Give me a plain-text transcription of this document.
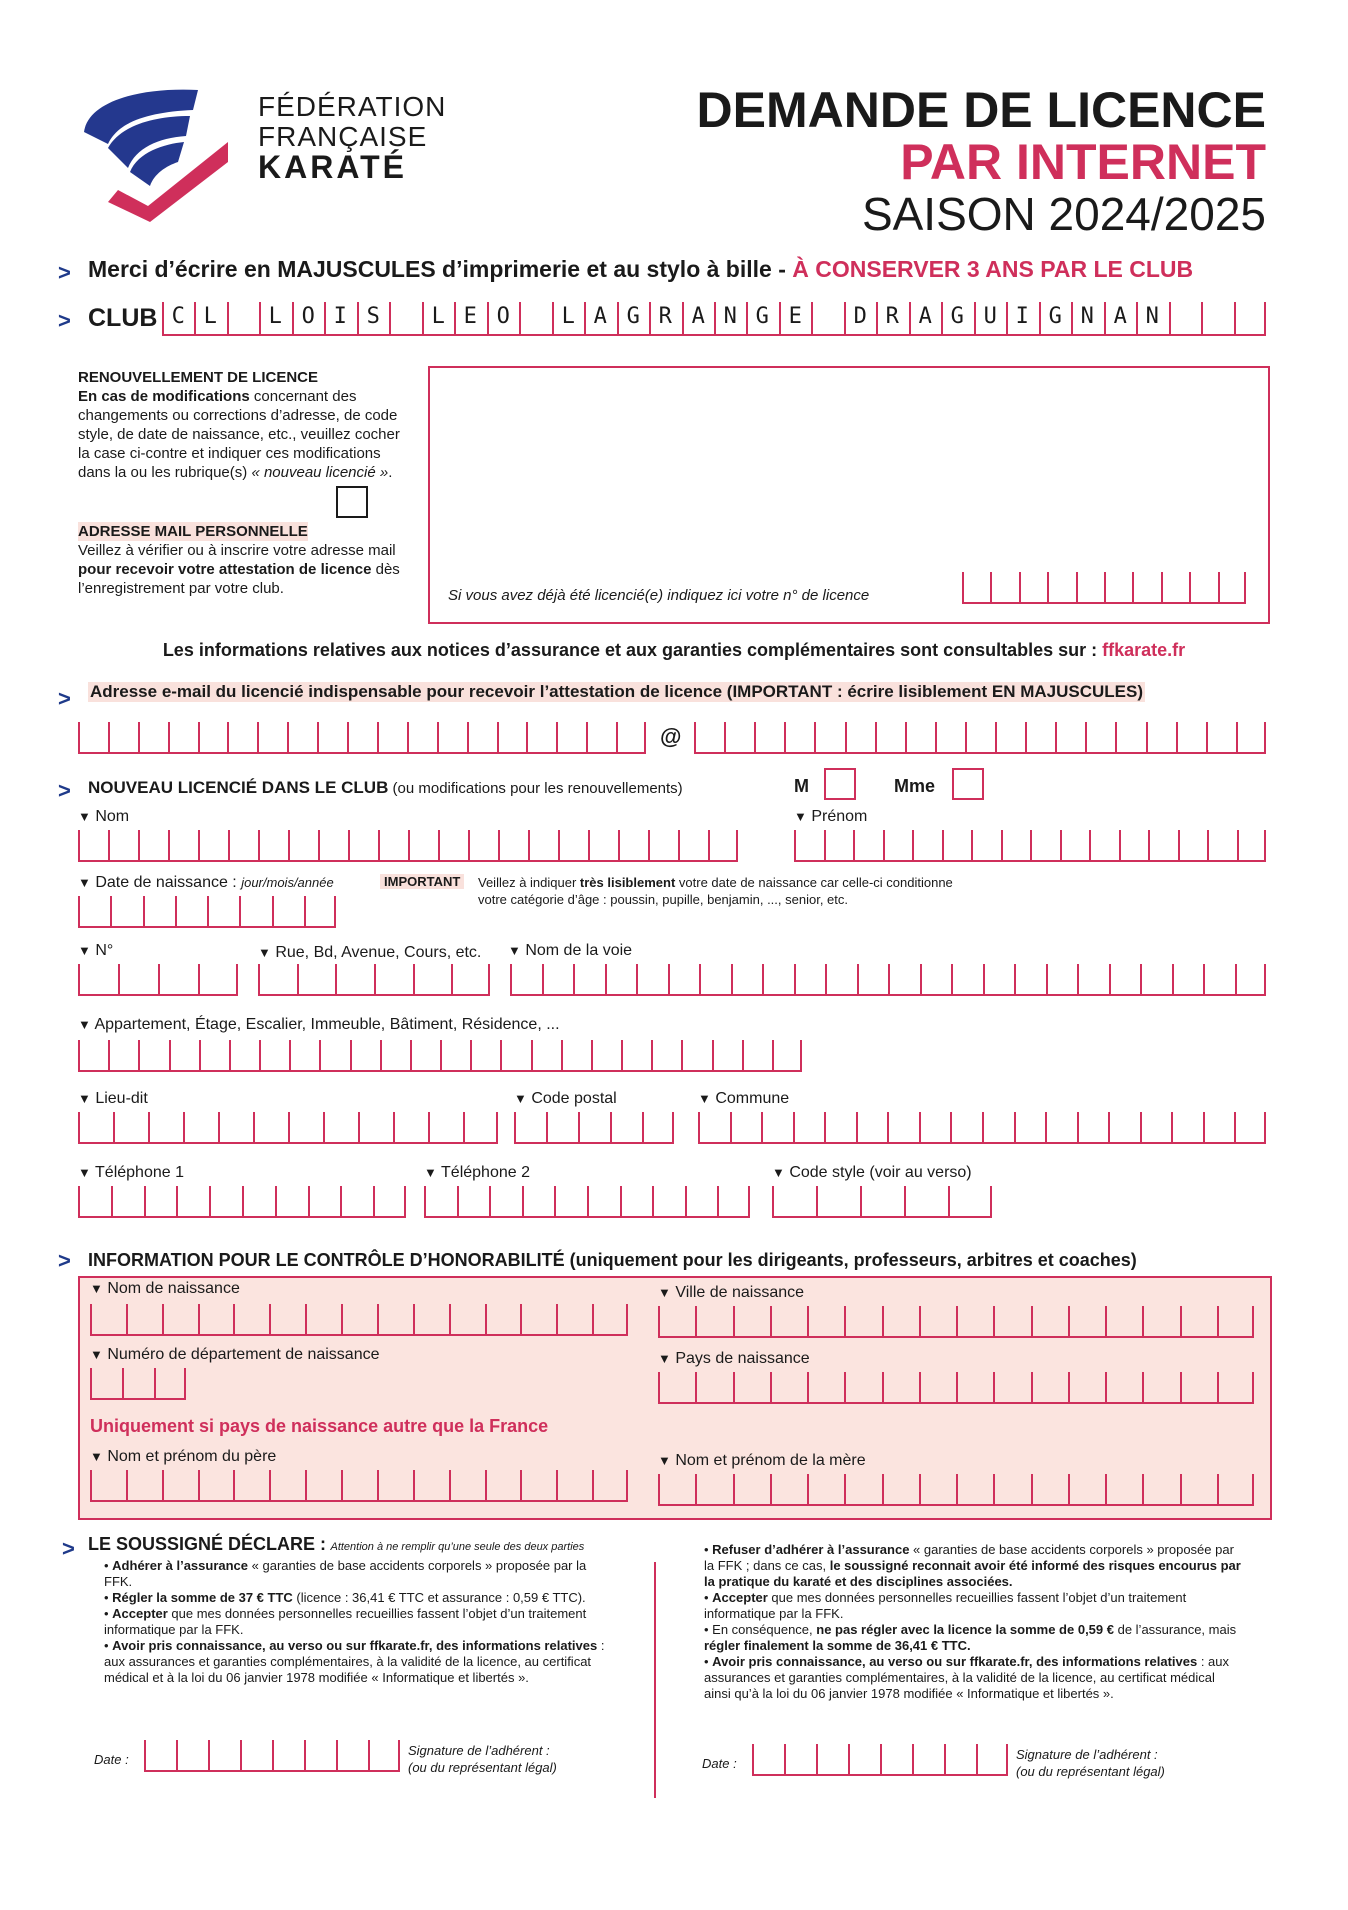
FÉDÉRATION
FRANÇAISE
KARATÉ
DEMANDE DE LICENCE
PAR INTERNET
SAISON 2024/2025
> Merci d’écrire en MAJUSCULES d’imprimerie et au stylo à bille - À CONSERVER 3 ANS PAR LE CLUB
> CLUB C L	L O I S	L E O	L A G R A N G E	D R A G U I G N A N
RENOUVELLEMENT DE LICENCE
En cas de modifications concernant des changements ou corrections d’adresse, de code style, de date de naissance, etc., veuillez cocher la case ci-contre et indiquer ces modifications dans la ou les rubrique(s) « nouveau licencié ».
ADRESSE MAIL PERSONNELLE
Veillez à vérifier ou à inscrire votre adresse mail pour recevoir votre attestation de licence dès l’enregistrement par votre club.	Si vous avez déjà été licencié(e) indiquez ici votre n° de licence
Les informations relatives aux notices d’assurance et aux garanties complémentaires sont consultables sur : ffkarate.fr
> Adresse e-mail du licencié indispensable pour recevoir l’attestation de licence (IMPORTANT : écrire lisiblement EN MAJUSCULES)
@
> NOUVEAU LICENCIÉ DANS LE CLUB (ou modifications pour les renouvellements)	M	Mme
▼ Nom	▼ Prénom
▼ Date de naissance : jour/mois/année	IMPORTANT	Veillez à indiquer très lisiblement votre date de naissance car celle-ci conditionne
votre catégorie d’âge : poussin, pupille, benjamin, ..., senior, etc.
▼ N°	▼ Rue, Bd, Avenue, Cours, etc. ▼ Nom de la voie
▼ Appartement, Étage, Escalier, Immeuble, Bâtiment, Résidence, ...
▼ Lieu-dit	▼ Code postal	▼ Commune
▼ Téléphone 1	▼ Téléphone 2	▼ Code style (voir au verso)
> INFORMATION POUR LE CONTRÔLE D’HONORABILITÉ (uniquement pour les dirigeants, professeurs, arbitres et coaches)
▼ Nom de naissance	▼ Ville de naissance
▼ Numéro de département de naissance	▼ Pays de naissance
Uniquement si pays de naissance autre que la France
▼ Nom et prénom du père	▼ Nom et prénom de la mère
> LE SOUSSIGNÉ DÉCLARE : Attention à ne remplir qu’une seule des deux parties
• Adhérer à l’assurance « garanties de base accidents corporels » proposée par la FFK.
• Régler la somme de 37 € TTC (licence : 36,41 € TTC et assurance : 0,59 € TTC).
• Accepter que mes données personnelles recueillies fassent l’objet d’un traitement informatique par la FFK.
• Avoir pris connaissance, au verso ou sur ffkarate.fr, des informations relatives : aux assurances et garanties complémentaires, à la validité de la licence, au certificat médical et à la loi du 06 janvier 1978 modifiée « Informatique et libertés ».
• Refuser d’adhérer à l’assurance « garanties de base accidents corporels » proposée par la FFK ; dans ce cas, le soussigné reconnait avoir été informé des risques encourus par la pratique du karaté et des disciplines associées.
• Accepter que mes données personnelles recueillies fassent l’objet d’un traitement informatique par la FFK.
• En conséquence, ne pas régler avec la licence la somme de 0,59 € de l’assurance, mais régler finalement la somme de 36,41 € TTC.
• Avoir pris connaissance, au verso ou sur ffkarate.fr, des informations relatives : aux assurances et garanties complémentaires, à la validité de la licence, au certificat médical ainsi qu’à la loi du 06 janvier 1978 modifiée « Informatique et libertés ».
Date :
Signature de l’adhérent :
(ou du représentant légal)	Date :
Signature de l’adhérent :
(ou du représentant légal)
